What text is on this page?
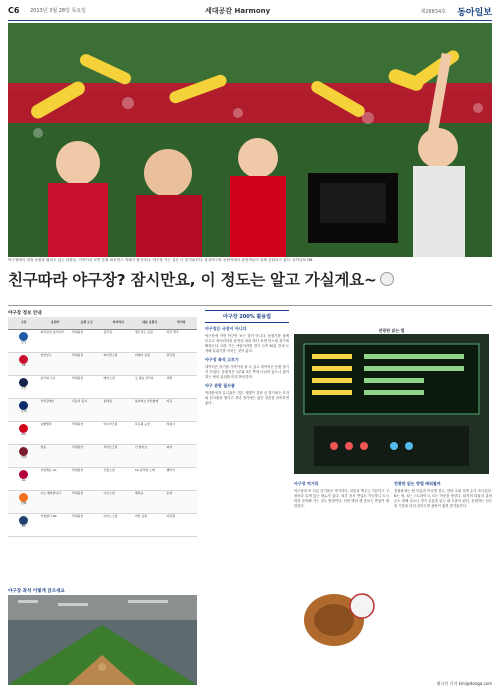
C6 2013년 3월 28일 목요일	세대공감 Harmony	제28834호 동아일보
야구장에서 열정 응원을 펼치고 있는 관중들. 가까이서 보면 응원 퍼포먼스 자체가 볼거리다. 야구장 가는 길은 더 즐거워진다. 잠실야구장 응원석에서 관람객들이 함께 응원하고 있다. 동아일보 DB
친구따라 야구장? 잠시만요, 이 정도는 알고 가실게요~
야구장 정보 안내
구단	응원가	응원 도구	치어리더	대표 응원곡	먹거리

삼성	최강삼성 승리하라	막대풍선	블루팀	엘도라도 응원	치킨 맥주

SK	연안부두	막대풍선	와이번스걸	비행기 응원	닭강정

두산	승리의 두산	막대풍선	베어스걸	오 필승 코리아	족발

롯데	부산갈매기	신문지 봉지	롯데팀	돌아와요 부산항에	어묵

KIA	남행열차	막대풍선	타이거즈걸	목포의 눈물	떡볶이

넥센	영웅	막대풍선	히어로즈걸	난 알아요	피자

LG	사랑해요 LG	막대풍선	트윈스걸	LG 승리의 노래	햄버거

한화	나는 행복합니다	막대풍선	이글스걸	행복송	순대

NC	거침없이 NC	막대풍선	다이노스걸	마산 응원	아귀찜
야구장 좌석 이렇게 앉으세요
야구장 200% 활용법
야구장은 극장이 아니다
야구장에 가면 야구만 보는 것이 아니다. 응원가를 함께 부르고 치어리더의 동작을 따라 하다 보면 어느새 경기에 빠져든다. 처음 가는 사람이라면 경기 시작 30분 전에 도착해 분위기를 익히는 것이 좋다.
야구장 좌석 고르기
내야석은 경기를 가까이서 볼 수 있고 외야석은 응원 열기가 뜨겁다. 응원석은 1루와 3루 쪽에 나뉘어 있으니 좋아하는 팀의 위치를 미리 확인하자.
야구 관람 필수품
막대풍선과 유니폼은 기본. 햇볕이 강한 낮 경기에는 모자와 선크림을 챙기고 저녁 경기에는 얇은 겉옷을 준비하면 좋다.
전광판 읽는 법
야구장 먹거리
야구장의 또 다른 즐거움은 먹거리다. 치킨과 맥주는 기본이고 구장마다 특색 있는 메뉴가 있다. 외부 음식 반입도 가능하니 도시락을 준비해 가는 것도 방법이다. 다만 병과 캔 음료는 반입이 제한된다.
전광판 읽는 방법 배워볼까
전광판에는 팀 이름과 이닝별 점수, 안타 수와 실책 수가 표시된다. B는 볼, S는 스트라이크, O는 아웃을 뜻한다. 타자의 타율과 홈런 수도 함께 나오니 경기 흐름을 읽는 데 도움이 된다. 응원하는 선수의 기록을 미리 알아두면 관람이 훨씬 즐거워진다.
황규인 기자 kini@donga.com
